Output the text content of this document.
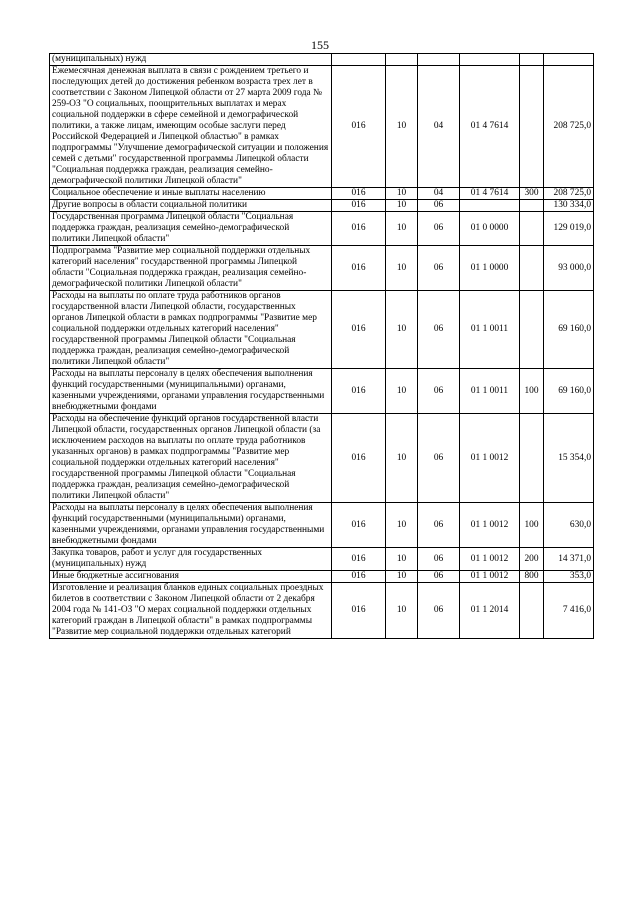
155
(муниципальных) нужд						
Ежемесячная денежная выплата в связи с рождением третьего и последующих детей до достижения ребенком возраста трех лет в соответствии с Законом Липецкой области от 27 марта 2009 года № 259-ОЗ "О социальных, поощрительных выплатах и мерах социальной поддержки в сфере семейной и демографической политики, а также лицам, имеющим особые заслуги перед Российской Федерацией и Липецкой областью" в рамках подпрограммы "Улучшение демографической ситуации и положения семей с детьми" государственной программы Липецкой области "Социальная поддержка граждан, реализация семейно-демографической политики Липецкой области"	016	10	04	01 4 7614		208 725,0
Социальное обеспечение и иные выплаты населению	016	10	04	01 4 7614	300	208 725,0
Другие вопросы в области социальной политики	016	10	06			130 334,0
Государственная программа Липецкой области "Социальная поддержка граждан, реализация семейно-демографической политики Липецкой области"	016	10	06	01 0 0000		129 019,0
Подпрограмма "Развитие мер социальной поддержки отдельных категорий населения" государственной программы Липецкой области "Социальная поддержка граждан, реализация семейно-демографической политики Липецкой области"	016	10	06	01 1 0000		93 000,0
Расходы на выплаты по оплате труда работников органов государственной власти Липецкой области, государственных органов Липецкой области в рамках подпрограммы "Развитие мер социальной поддержки отдельных категорий населения" государственной программы Липецкой области "Социальная поддержка граждан, реализация семейно-демографической политики Липецкой области"	016	10	06	01 1 0011		69 160,0
Расходы на выплаты персоналу в целях обеспечения выполнения функций государственными (муниципальными) органами, казенными учреждениями, органами управления государственными внебюджетными фондами	016	10	06	01 1 0011	100	69 160,0
Расходы на обеспечение функций органов государственной власти Липецкой области, государственных органов Липецкой области (за исключением расходов на выплаты по оплате труда работников указанных органов) в рамках подпрограммы "Развитие мер социальной поддержки отдельных категорий населения" государственной программы Липецкой области "Социальная поддержка граждан, реализация семейно-демографической политики Липецкой области"	016	10	06	01 1 0012		15 354,0
Расходы на выплаты персоналу в целях обеспечения выполнения функций государственными (муниципальными) органами, казенными учреждениями, органами управления государственными внебюджетными фондами	016	10	06	01 1 0012	100	630,0
Закупка товаров, работ и услуг для государственных (муниципальных) нужд	016	10	06	01 1 0012	200	14 371,0
Иные бюджетные ассигнования	016	10	06	01 1 0012	800	353,0
Изготовление и реализация бланков единых социальных проездных билетов в соответствии с Законом Липецкой области от 2 декабря 2004 года № 141-ОЗ "О мерах социальной поддержки отдельных категорий граждан в Липецкой области" в рамках подпрограммы "Развитие мер социальной поддержки отдельных категорий	016	10	06	01 1 2014		7 416,0
